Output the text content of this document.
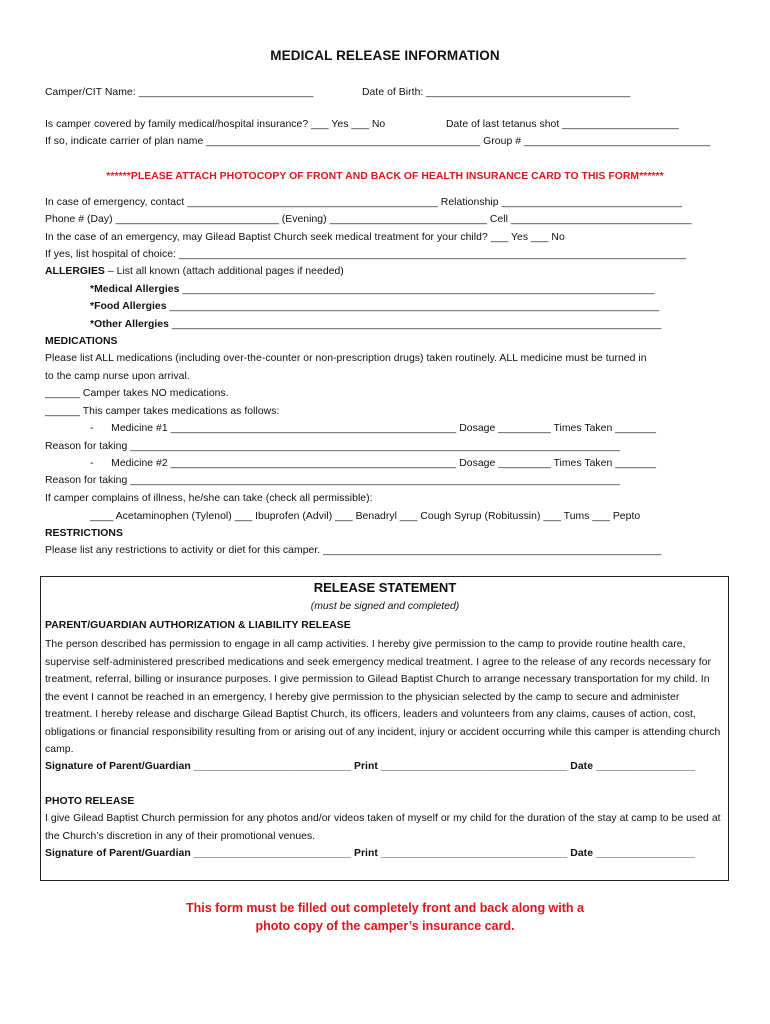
MEDICAL RELEASE INFORMATION
Camper/CIT Name: ______________________________	Date of Birth: ___________________________________
Is camper covered by family medical/hospital insurance? ___ Yes ___ No	Date of last tetanus shot ____________________
If so, indicate carrier of plan name _______________________________________________ Group # ________________________________
******PLEASE ATTACH PHOTOCOPY OF FRONT AND BACK OF HEALTH INSURANCE CARD TO THIS FORM******
In case of emergency, contact ___________________________________________ Relationship _______________________________
Phone # (Day) ____________________________ (Evening) ___________________________ Cell _______________________________
In the case of an emergency, may Gilead Baptist Church seek medical treatment for your child? ___ Yes ___ No
If yes, list hospital of choice: _______________________________________________________________________________________
ALLERGIES – List all known (attach additional pages if needed)
*Medical Allergies _________________________________________________________________________________
*Food Allergies ____________________________________________________________________________________
*Other Allergies ____________________________________________________________________________________
MEDICATIONS
Please list ALL medications (including over-the-counter or non-prescription drugs) taken routinely. ALL medicine must be turned in
to the camp nurse upon arrival.
______ Camper takes NO medications.
______ This camper takes medications as follows:
-      Medicine #1 _________________________________________________ Dosage _________ Times Taken _______
Reason for taking ____________________________________________________________________________________
-      Medicine #2 _________________________________________________ Dosage _________ Times Taken _______
Reason for taking ____________________________________________________________________________________
If camper complains of illness, he/she can take (check all permissible):
____ Acetaminophen (Tylenol) ___ Ibuprofen (Advil) ___ Benadryl ___ Cough Syrup (Robitussin) ___ Tums ___ Pepto
RESTRICTIONS
Please list any restrictions to activity or diet for this camper. __________________________________________________________
RELEASE STATEMENT
(must be signed and completed)
PARENT/GUARDIAN AUTHORIZATION & LIABILITY RELEASE
The person described has permission to engage in all camp activities. I hereby give permission to the camp to provide routine health care, supervise self-administered prescribed medications and seek emergency medical treatment. I agree to the release of any records necessary for treatment, referral, billing or insurance purposes. I give permission to Gilead Baptist Church to arrange necessary transportation for my child. In the event I cannot be reached in an emergency, I hereby give permission to the physician selected by the camp to secure and administer treatment. I hereby release and discharge Gilead Baptist Church, its officers, leaders and volunteers from any claims, causes of action, cost, obligations or financial responsibility resulting from or arising out of any incident, injury or accident occurring while this camper is attending church camp.
Signature of Parent/Guardian ___________________________ Print ________________________________ Date _________________
PHOTO RELEASE
I give Gilead Baptist Church permission for any photos and/or videos taken of myself or my child for the duration of the stay at camp to be used at the Church’s discretion in any of their promotional venues.
Signature of Parent/Guardian ___________________________ Print ________________________________ Date _________________
This form must be filled out completely front and back along with a
photo copy of the camper’s insurance card.
